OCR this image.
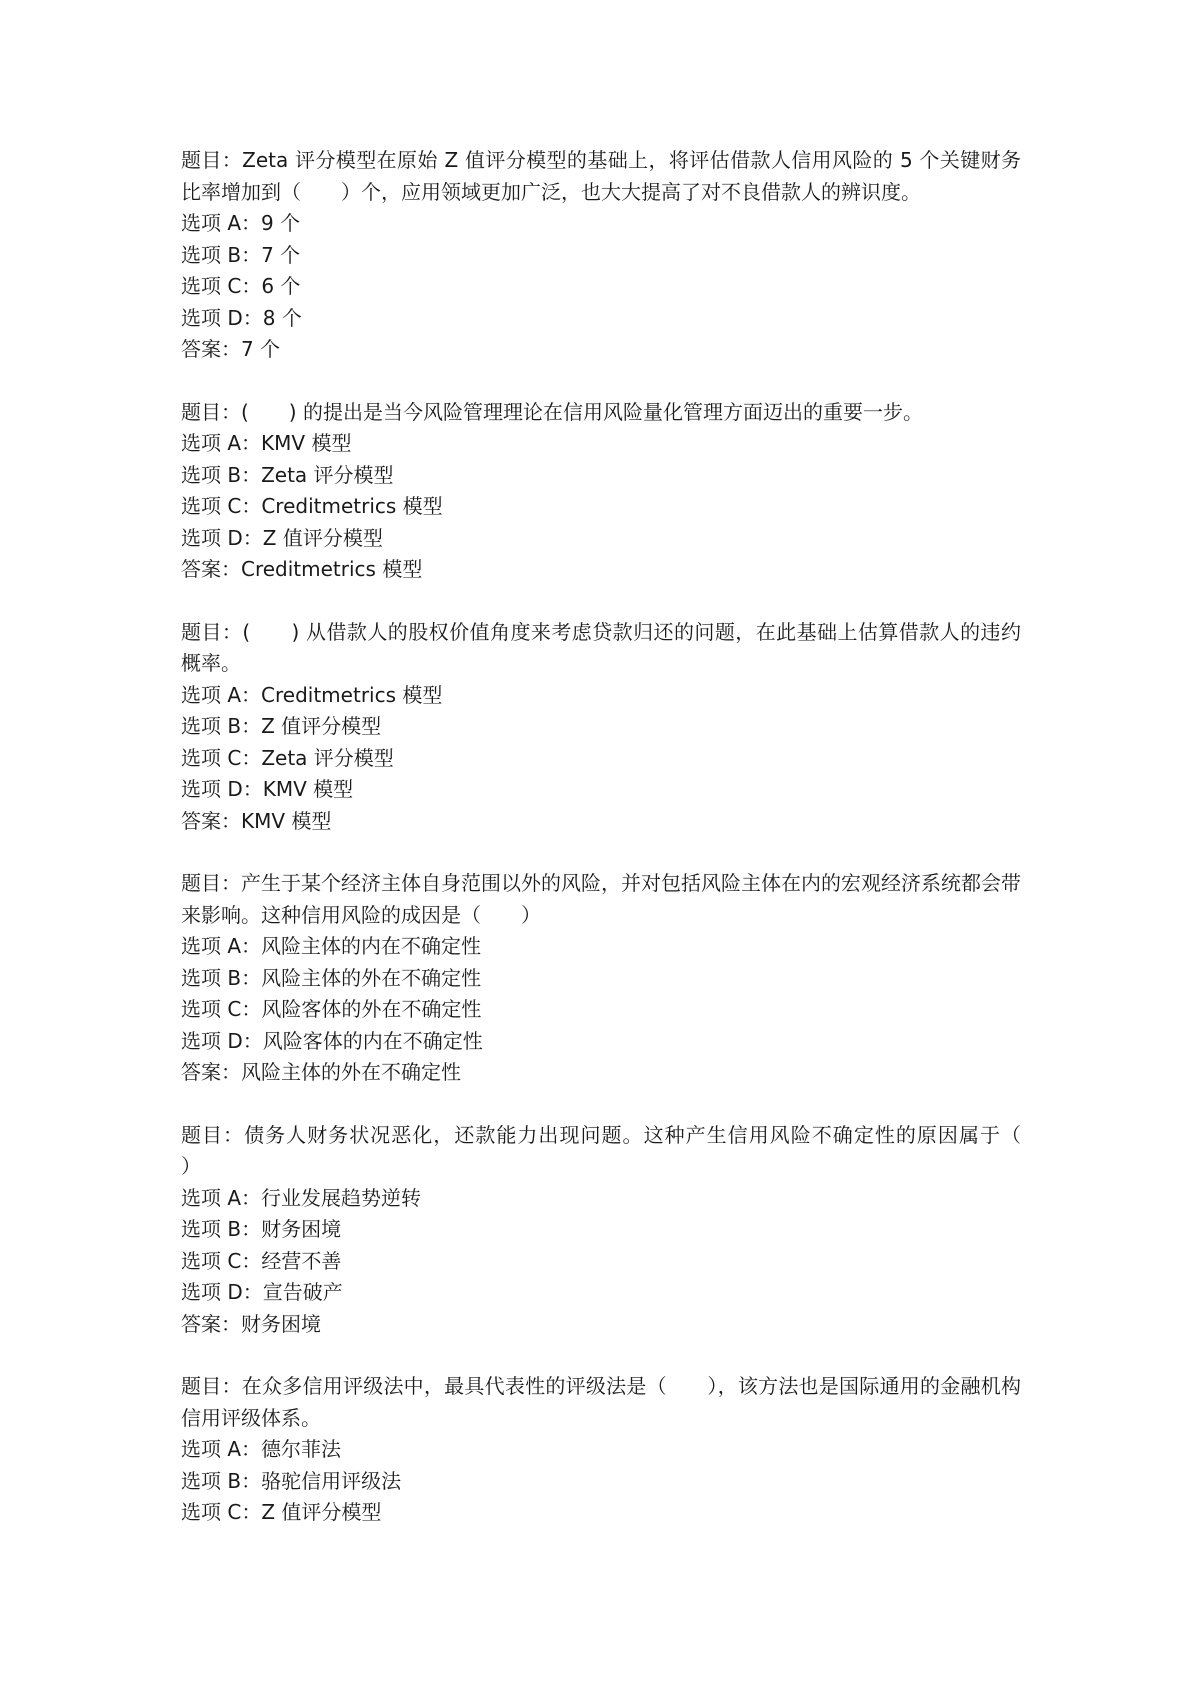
题目：Zeta 评分模型在原始 Z 值评分模型的基础上，将评估借款人信用风险的 5 个关键财务比率增加到（　　）个，应用领域更加广泛，也大大提高了对不良借款人的辨识度。

选项 A：9 个

选项 B：7 个

选项 C：6 个

选项 D：8 个

答案：7 个

题目：(　　) 的提出是当今风险管理理论在信用风险量化管理方面迈出的重要一步。

选项 A：KMV 模型

选项 B：Zeta 评分模型

选项 C：Creditmetrics 模型

选项 D：Z 值评分模型

答案：Creditmetrics 模型

题目：(　　) 从借款人的股权价值角度来考虑贷款归还的问题，在此基础上估算借款人的违约概率。

选项 A：Creditmetrics 模型

选项 B：Z 值评分模型

选项 C：Zeta 评分模型

选项 D：KMV 模型

答案：KMV 模型

题目：产生于某个经济主体自身范围以外的风险，并对包括风险主体在内的宏观经济系统都会带来影响。这种信用风险的成因是（　　）

选项 A：风险主体的内在不确定性

选项 B：风险主体的外在不确定性

选项 C：风险客体的外在不确定性

选项 D：风险客体的内在不确定性

答案：风险主体的外在不确定性

题目：债务人财务状况恶化，还款能力出现问题。这种产生信用风险不确定性的原因属于（　　）

选项 A：行业发展趋势逆转

选项 B：财务困境

选项 C：经营不善

选项 D：宣告破产

答案：财务困境

题目：在众多信用评级法中，最具代表性的评级法是（　　），该方法也是国际通用的金融机构信用评级体系。

选项 A：德尔菲法

选项 B：骆驼信用评级法

选项 C：Z 值评分模型
